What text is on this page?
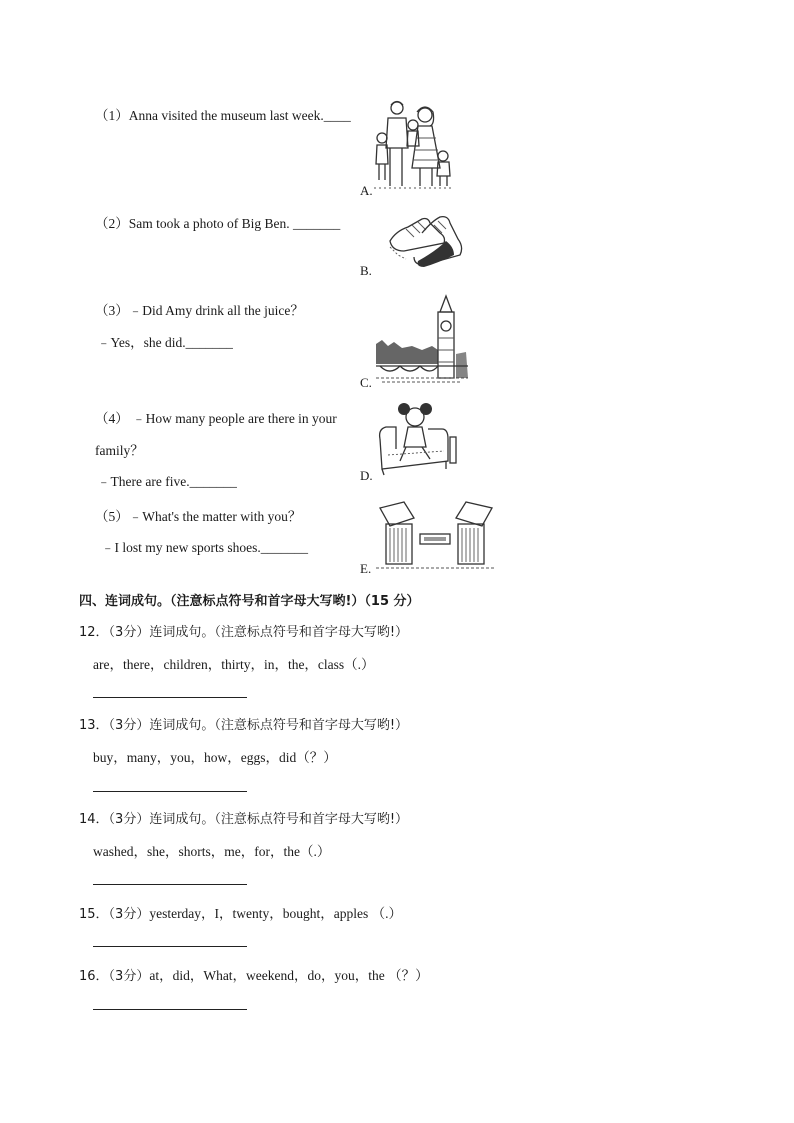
（1）Anna visited the museum last week.____
（2）Sam took a photo of Big Ben. _______
（3）﹣Did Amy drink all the juice？
﹣Yes，she did._______
（4） ﹣How many people are there in your
family？
﹣There are five._______
（5）﹣What's the matter with you？
﹣I lost my new sports shoes._______
A.
B.
C.
D.
E.
四、连词成句。（注意标点符号和首字母大写哟!）（15 分）
12．（3分）连词成句。（注意标点符号和首字母大写哟!）
are，there，children，thirty，in，the，class（.）
13．（3分）连词成句。（注意标点符号和首字母大写哟!）
buy，many，you，how，eggs，did（？）
14．（3分）连词成句。（注意标点符号和首字母大写哟!）
washed，she，shorts，me，for，the（.）
15．（3分）yesterday，I，twenty，bought，apples （.）
16．（3分）at，did，What，weekend，do，you，the （？）
